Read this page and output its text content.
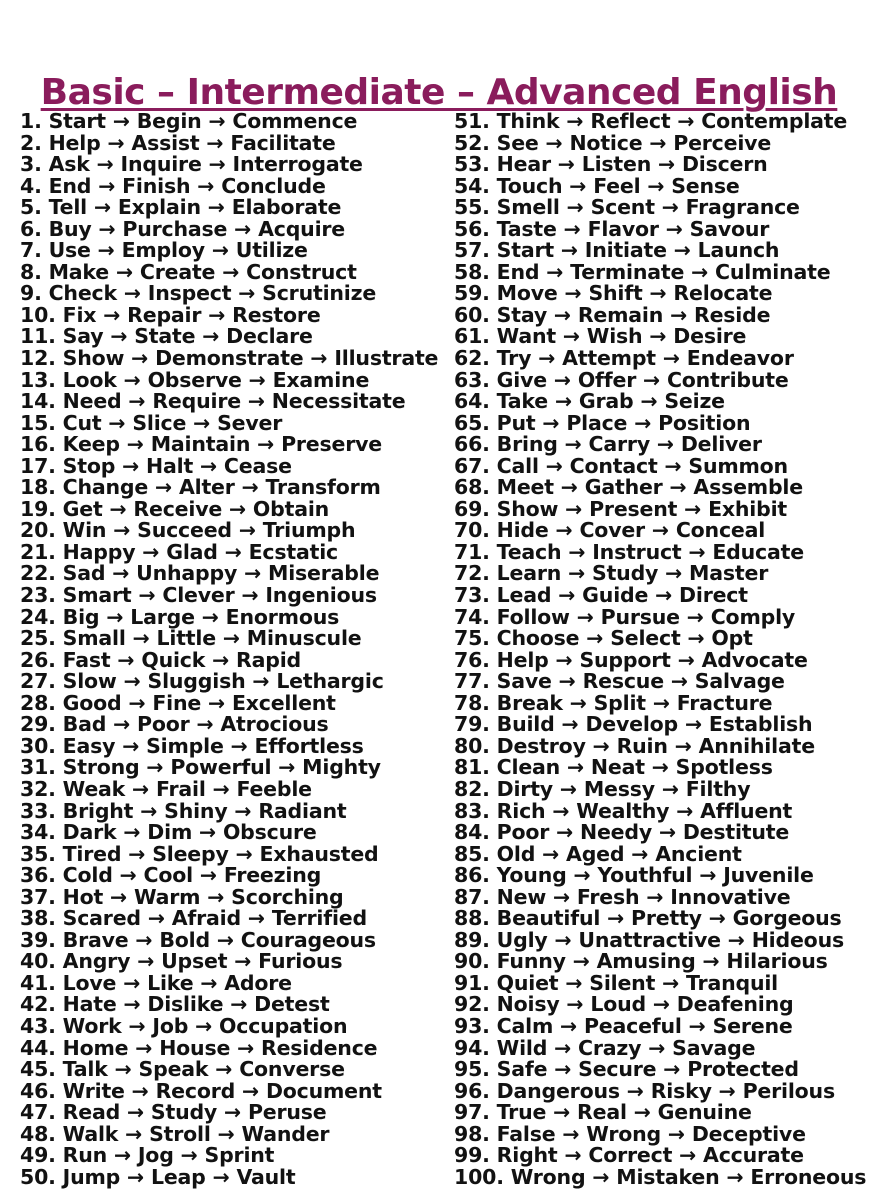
Basic – Intermediate – Advanced English
1. Start → Begin → Commence
2. Help → Assist → Facilitate
3. Ask → Inquire → Interrogate
4. End → Finish → Conclude
5. Tell → Explain → Elaborate
6. Buy → Purchase → Acquire
7. Use → Employ → Utilize
8. Make → Create → Construct
9. Check → Inspect → Scrutinize
10. Fix → Repair → Restore
11. Say → State → Declare
12. Show → Demonstrate → Illustrate
13. Look → Observe → Examine
14. Need → Require → Necessitate
15. Cut → Slice → Sever
16. Keep → Maintain → Preserve
17. Stop → Halt → Cease
18. Change → Alter → Transform
19. Get → Receive → Obtain
20. Win → Succeed → Triumph
21. Happy → Glad → Ecstatic
22. Sad → Unhappy → Miserable
23. Smart → Clever → Ingenious
24. Big → Large → Enormous
25. Small → Little → Minuscule
26. Fast → Quick → Rapid
27. Slow → Sluggish → Lethargic
28. Good → Fine → Excellent
29. Bad → Poor → Atrocious
30. Easy → Simple → Effortless
31. Strong → Powerful → Mighty
32. Weak → Frail → Feeble
33. Bright → Shiny → Radiant
34. Dark → Dim → Obscure
35. Tired → Sleepy → Exhausted
36. Cold → Cool → Freezing
37. Hot → Warm → Scorching
38. Scared → Afraid → Terrified
39. Brave → Bold → Courageous
40. Angry → Upset → Furious
41. Love → Like → Adore
42. Hate → Dislike → Detest
43. Work → Job → Occupation
44. Home → House → Residence
45. Talk → Speak → Converse
46. Write → Record → Document
47. Read → Study → Peruse
48. Walk → Stroll → Wander
49. Run → Jog → Sprint
50. Jump → Leap → Vault
51. Think → Reflect → Contemplate
52. See → Notice → Perceive
53. Hear → Listen → Discern
54. Touch → Feel → Sense
55. Smell → Scent → Fragrance
56. Taste → Flavor → Savour
57. Start → Initiate → Launch
58. End → Terminate → Culminate
59. Move → Shift → Relocate
60. Stay → Remain → Reside
61. Want → Wish → Desire
62. Try → Attempt → Endeavor
63. Give → Offer → Contribute
64. Take → Grab → Seize
65. Put → Place → Position
66. Bring → Carry → Deliver
67. Call → Contact → Summon
68. Meet → Gather → Assemble
69. Show → Present → Exhibit
70. Hide → Cover → Conceal
71. Teach → Instruct → Educate
72. Learn → Study → Master
73. Lead → Guide → Direct
74. Follow → Pursue → Comply
75. Choose → Select → Opt
76. Help → Support → Advocate
77. Save → Rescue → Salvage
78. Break → Split → Fracture
79. Build → Develop → Establish
80. Destroy → Ruin → Annihilate
81. Clean → Neat → Spotless
82. Dirty → Messy → Filthy
83. Rich → Wealthy → Affluent
84. Poor → Needy → Destitute
85. Old → Aged → Ancient
86. Young → Youthful → Juvenile
87. New → Fresh → Innovative
88. Beautiful → Pretty → Gorgeous
89. Ugly → Unattractive → Hideous
90. Funny → Amusing → Hilarious
91. Quiet → Silent → Tranquil
92. Noisy → Loud → Deafening
93. Calm → Peaceful → Serene
94. Wild → Crazy → Savage
95. Safe → Secure → Protected
96. Dangerous → Risky → Perilous
97. True → Real → Genuine
98. False → Wrong → Deceptive
99. Right → Correct → Accurate
100. Wrong → Mistaken → Erroneous
